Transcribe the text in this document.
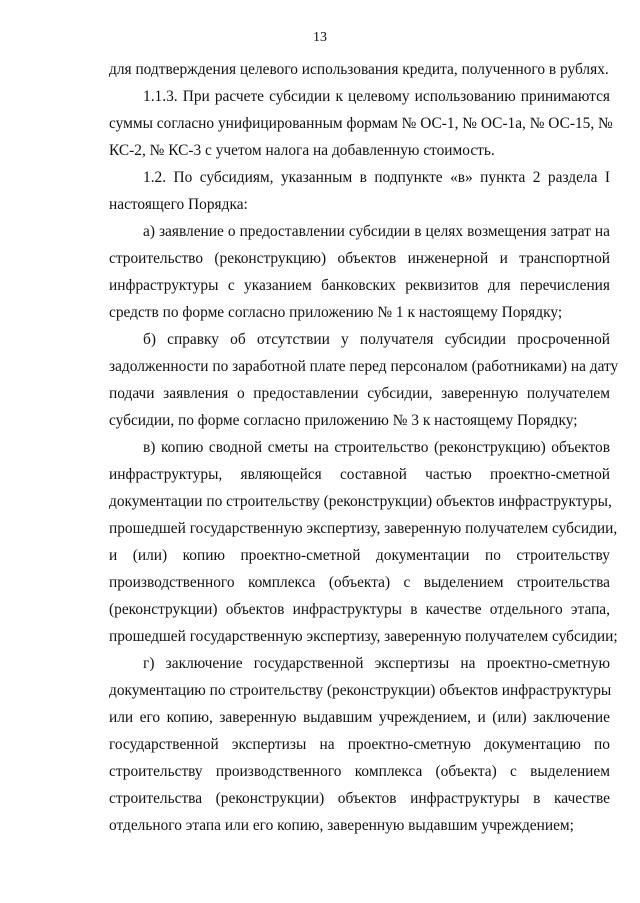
13
для подтверждения целевого использования кредита, полученного в рублях.
1.1.3. При расчете субсидии к целевому использованию принимаются
суммы согласно унифицированным формам № ОС-1, № ОС-1а, № ОС-15, №
КС-2, № КС-3 с учетом налога на добавленную стоимость.
1.2. По субсидиям, указанным в подпункте «в» пункта 2 раздела I
настоящего Порядка:
а) заявление о предоставлении субсидии в целях возмещения затрат на
строительство (реконструкцию) объектов инженерной и транспортной
инфраструктуры с указанием банковских реквизитов для перечисления
средств по форме согласно приложению № 1 к настоящему Порядку;
б) справку об отсутствии у получателя субсидии просроченной
задолженности по заработной плате перед персоналом (работниками) на дату
подачи заявления о предоставлении субсидии, заверенную получателем
субсидии, по форме согласно приложению № 3 к настоящему Порядку;
в) копию сводной сметы на строительство (реконструкцию) объектов
инфраструктуры, являющейся составной частью проектно-сметной
документации по строительству (реконструкции) объектов инфраструктуры,
прошедшей государственную экспертизу, заверенную получателем субсидии,
и (или) копию проектно-сметной документации по строительству
производственного комплекса (объекта) с выделением строительства
(реконструкции) объектов инфраструктуры в качестве отдельного этапа,
прошедшей государственную экспертизу, заверенную получателем субсидии;
г) заключение государственной экспертизы на проектно-сметную
документацию по строительству (реконструкции) объектов инфраструктуры
или его копию, заверенную выдавшим учреждением, и (или) заключение
государственной экспертизы на проектно-сметную документацию по
строительству производственного комплекса (объекта) с выделением
строительства (реконструкции) объектов инфраструктуры в качестве
отдельного этапа или его копию, заверенную выдавшим учреждением;
